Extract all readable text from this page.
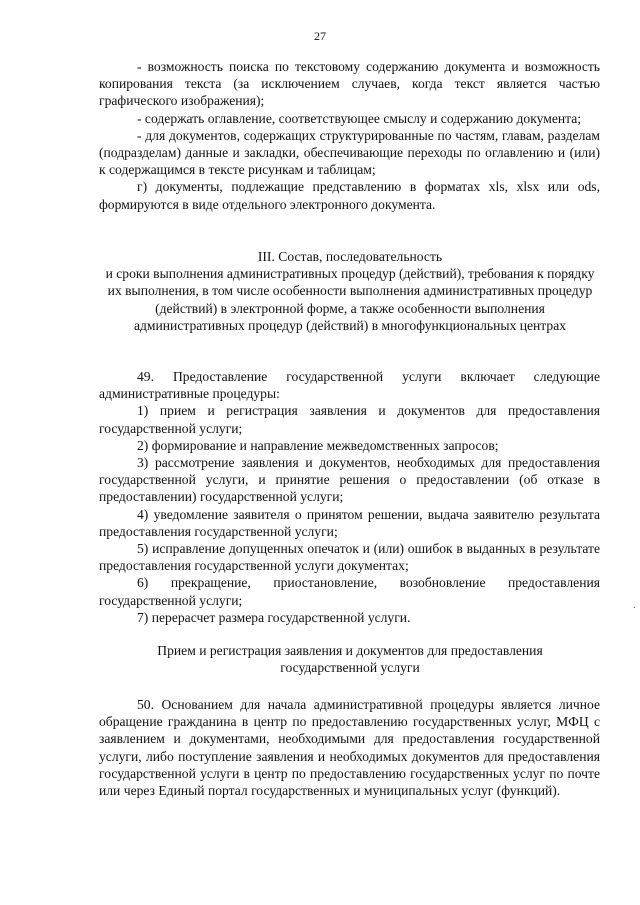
27

- возможность поиска по текстовому содержанию документа и возможность копирования текста (за исключением случаев, когда текст является частью графического изображения);

- содержать оглавление, соответствующее смыслу и содержанию документа;

- для документов, содержащих структурированные по частям, главам, разделам (подразделам) данные и закладки, обеспечивающие переходы по оглавлению и (или) к содержащимся в тексте рисункам и таблицам;

г) документы, подлежащие представлению в форматах xls, xlsx или ods, формируются в виде отдельного электронного документа.

III. Состав, последовательность

и сроки выполнения административных процедур (действий), требования к порядку их выполнения, в том числе особенности выполнения административных процедур (действий) в электронной форме, а также особенности выполнения административных процедур (действий) в многофункциональных центрах

49. Предоставление государственной услуги включает следующие административные процедуры:

1) прием и регистрация заявления и документов для предоставления государственной услуги;

2) формирование и направление межведомственных запросов;

3) рассмотрение заявления и документов, необходимых для предоставления государственной услуги, и принятие решения о предоставлении (об отказе в предоставлении) государственной услуги;

4) уведомление заявителя о принятом решении, выдача заявителю результата предоставления государственной услуги;

5) исправление допущенных опечаток и (или) ошибок в выданных в результате предоставления государственной услуги документах;

6) прекращение, приостановление, возобновление предоставления государственной услуги;

7) перерасчет размера государственной услуги.

Прием и регистрация заявления и документов для предоставления государственной услуги

50. Основанием для начала административной процедуры является личное обращение гражданина в центр по предоставлению государственных услуг, МФЦ с заявлением и документами, необходимыми для предоставления государственной услуги, либо поступление заявления и необходимых документов для предоставления государственной услуги в центр по предоставлению государственных услуг по почте или через Единый портал государственных и муниципальных услуг (функций).

·
